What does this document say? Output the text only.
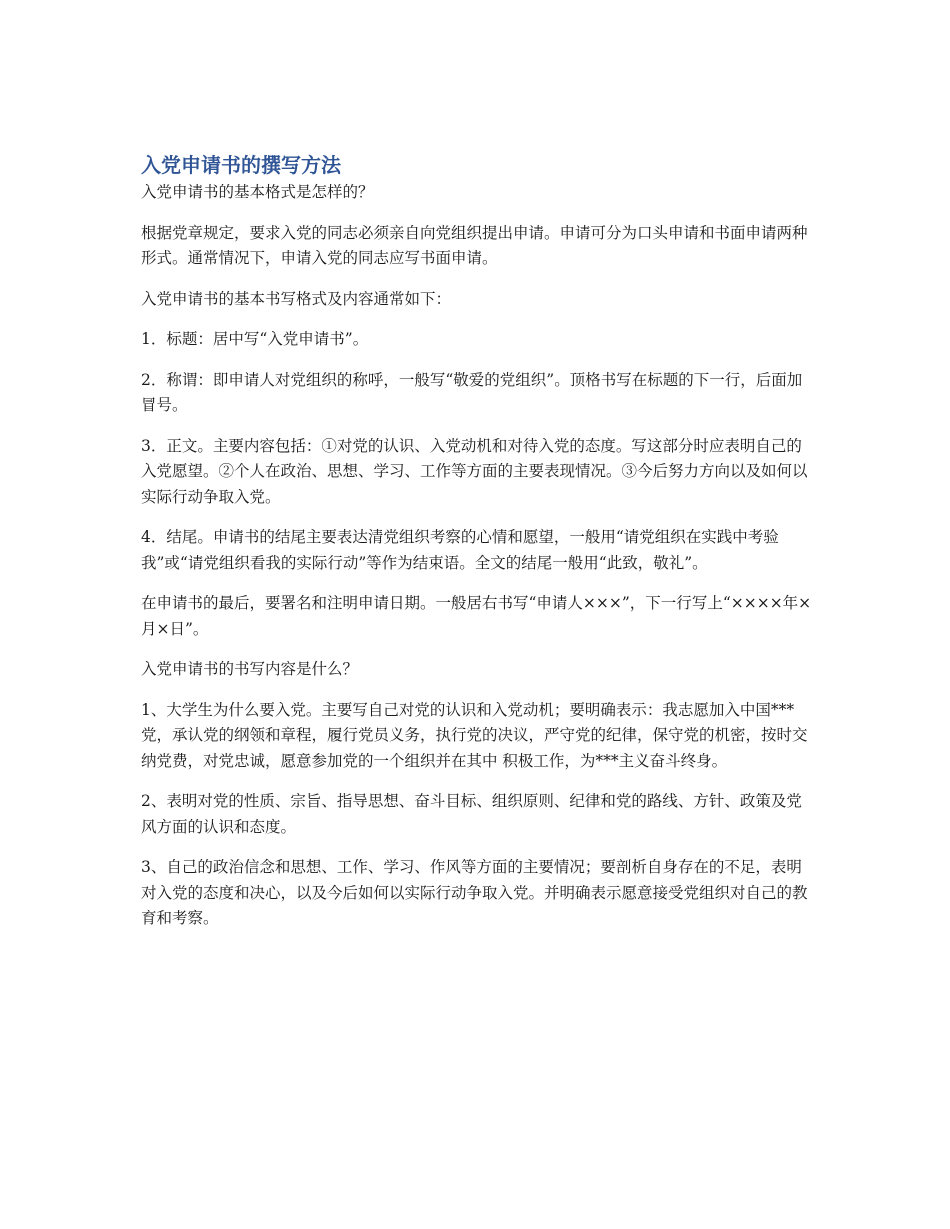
入党申请书的撰写方法

入党申请书的基本格式是怎样的？

根据党章规定，要求入党的同志必须亲自向党组织提出申请。申请可分为口头申请和书面申请两种形式。通常情况下，申请入党的同志应写书面申请。

入党申请书的基本书写格式及内容通常如下：

1．标题：居中写“入党申请书”。

2．称谓：即申请人对党组织的称呼，一般写“敬爱的党组织”。顶格书写在标题的下一行，后面加冒号。

3．正文。主要内容包括：①对党的认识、入党动机和对待入党的态度。写这部分时应表明自己的入党愿望。②个人在政治、思想、学习、工作等方面的主要表现情况。③今后努力方向以及如何以实际行动争取入党。

4．结尾。申请书的结尾主要表达清党组织考察的心情和愿望，一般用“请党组织在实践中考验我”或“请党组织看我的实际行动”等作为结束语。全文的结尾一般用“此致，敬礼”。

在申请书的最后，要署名和注明申请日期。一般居右书写“申请人×××”，下一行写上“××××年×月×日”。

入党申请书的书写内容是什么？

1、大学生为什么要入党。主要写自己对党的认识和入党动机；要明确表示：我志愿加入中国***党，承认党的纲领和章程，履行党员义务，执行党的决议，严守党的纪律，保守党的机密，按时交纳党费，对党忠诚，愿意参加党的一个组织并在其中 积极工作，为***主义奋斗终身。

2、表明对党的性质、宗旨、指导思想、奋斗目标、组织原则、纪律和党的路线、方针、政策及党风方面的认识和态度。

3、自己的政治信念和思想、工作、学习、作风等方面的主要情况；要剖析自身存在的不足，表明对入党的态度和决心，以及今后如何以实际行动争取入党。并明确表示愿意接受党组织对自己的教育和考察。
